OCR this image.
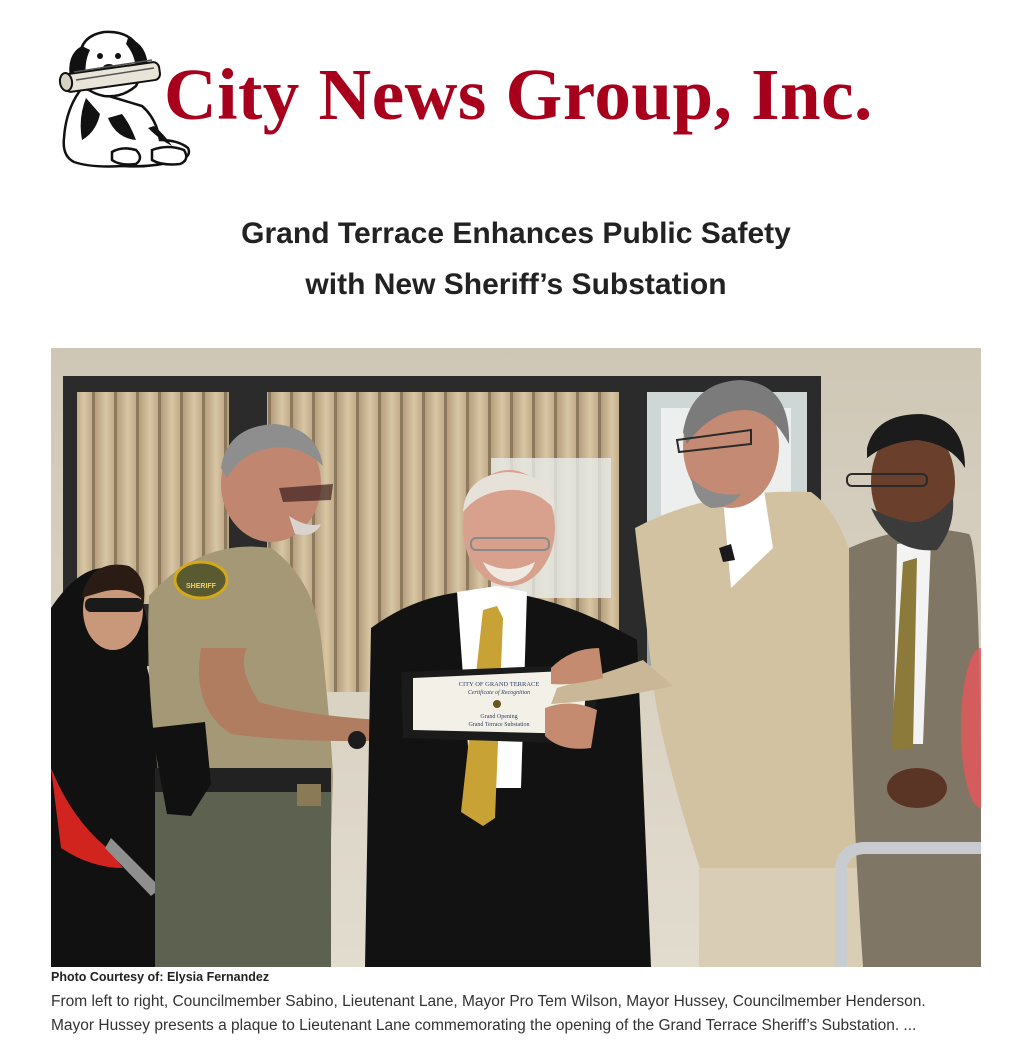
City News Group, Inc.
Grand Terrace Enhances Public Safety
with New Sheriff’s Substation
SHERIFF
CITY OF GRAND TERRACE
Certificate of Recognition
Grand Opening
Grand Terrace Substation

Photo Courtesy of: Elysia Fernandez

From left to right, Councilmember Sabino, Lieutenant Lane, Mayor Pro Tem Wilson, Mayor Hussey, Councilmember Henderson.
Mayor Hussey presents a plaque to Lieutenant Lane commemorating the opening of the Grand Terrace Sheriff’s Substation. ...
